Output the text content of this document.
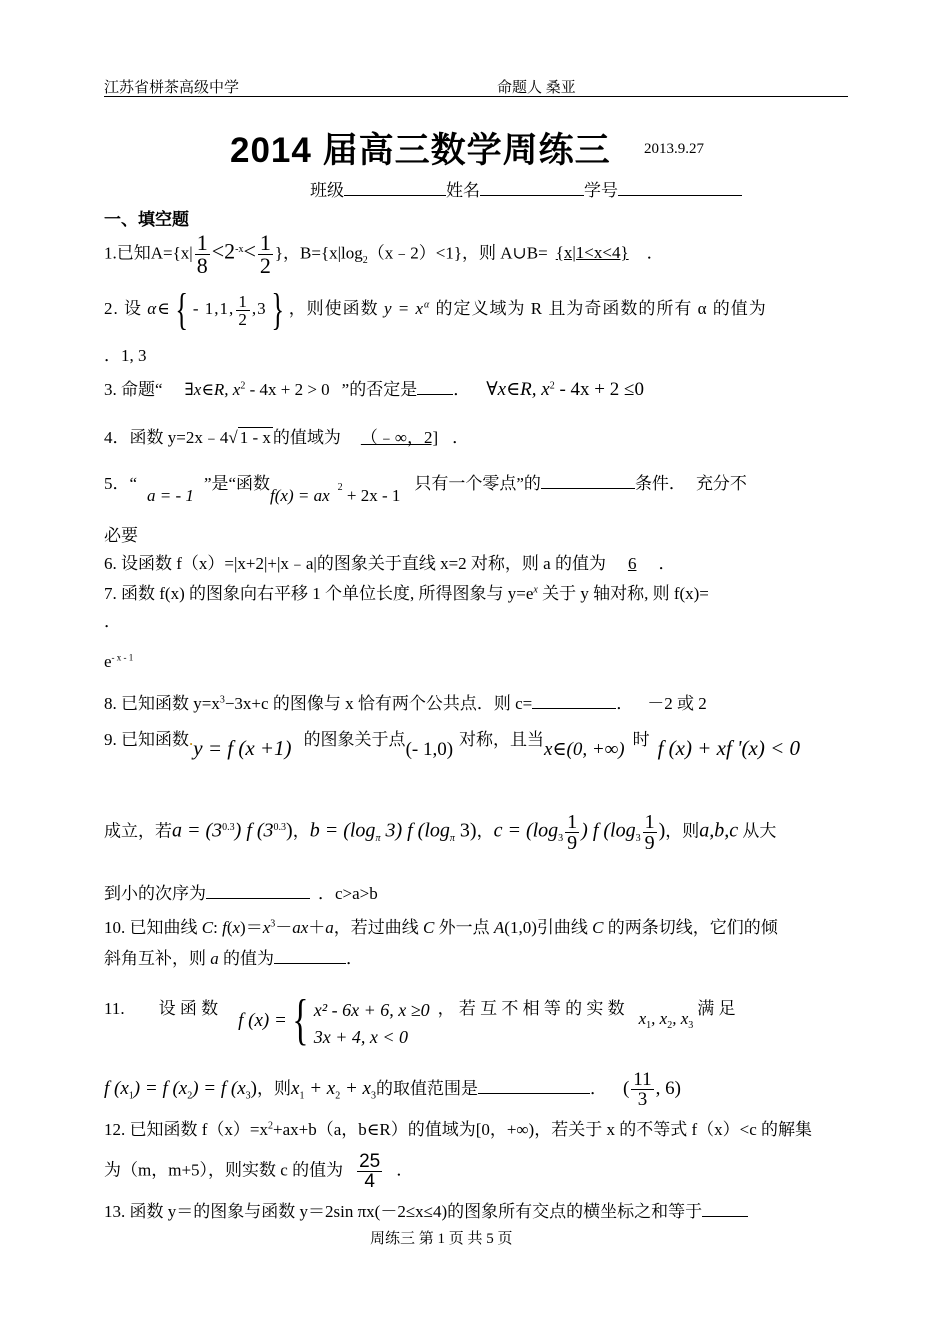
江苏省栟茶高级中学	命题人 桑亚
2014 届高三数学周练三 2013.9.27
班级	姓名	学号
一、填空题
1.已知$A=\{x| \frac{1}{8} <2^{-x}< \frac{1}{2}$ }，$B=\{x|\log_2(x﹣2)<1\}$，则 A∪B= {x|1<x<4} ．
2. 设 α∈ { - 1,1, $\frac{1}{2} ,3$ } ，则使函数 $y = x^\alpha$ 的定义域为 R 且为奇函数的所有 α 的值为
．1, 3
3. 命题“ ∃x∈R, $x^2 - 4x + 2 > 0$ ”的否定是 ． ∀x∈R, $x^2 - 4x + 2 \le 0$
4．函数 y=2x﹣4√ 1 - x 的值域为 （﹣∞，2] ．
5．“a = - 1”是“函数f(x) = ax $^2$ + 2x - 1只有一个零点”的	条件． 充分不
必要
6. 设函数 f（x）=|x+2|+|x﹣a|的图象关于直线 x=2 对称，则 a 的值为 6 ．
7. 函数 f(x) 的图象向右平移 1 个单位长度, 所得图象与 $y=e^x$ 关于 y 轴对称, 则 f(x)=
．
$e^{- x - 1}$
8. 已知函数 $y=x^3-3x+c$ 的图像与 x 恰有两个公共点．则 c=	． －2 或 2
9. 已知函数.y = f (x +1) 的图象关于点(- 1,0) 对称，且当x∈(0, +∞) 时 f (x) + xf '(x) < 0
成立，若$a = (3^{0.3})$ f $(3^{0.3})$，$b = (\log_\pi$ 3) f ($\log_\pi$ 3)，$c = (\log_3 \frac{1}{9}$ ) f ($\log_3 \frac{1}{9}$ )，则a,b,c 从大
到小的次序为	．c>a>b
10. 已知曲线 C: $f(x)=x^3-ax+a$，若过曲线 C 外一点 A(1,0)引曲线 C 的两条切线，它们的倾
斜角互补，则 a 的值为	．
11. 设 函 数f (x) ={ x² - 6x + 6, x ≥0
3x + 4, x < 0
， 若 互 不 相 等 的 实 数$x_1$, $x_2$, $x_3$满 足
f $(x_1) = f$ $(x_2) = f$ $(x_3)$，则$x_1 + x_2 + x_3$的取值范围是	． ( $\frac{11}{3}$ , 6)
12. 已知函数 $f(x)=x^2+ax+b(a$，b∈R）的值域为[0，+∞)，若关于 x 的不等式 f（x）<c 的解集
为（m，m+5），则实数 c 的值为 $\frac{25}{4}$ ．
13. 函数 y＝的图象与函数 y＝2sin πx(－2≤x≤4)的图象所有交点的横坐标之和等于
周练三 第 1 页 共 5 页
